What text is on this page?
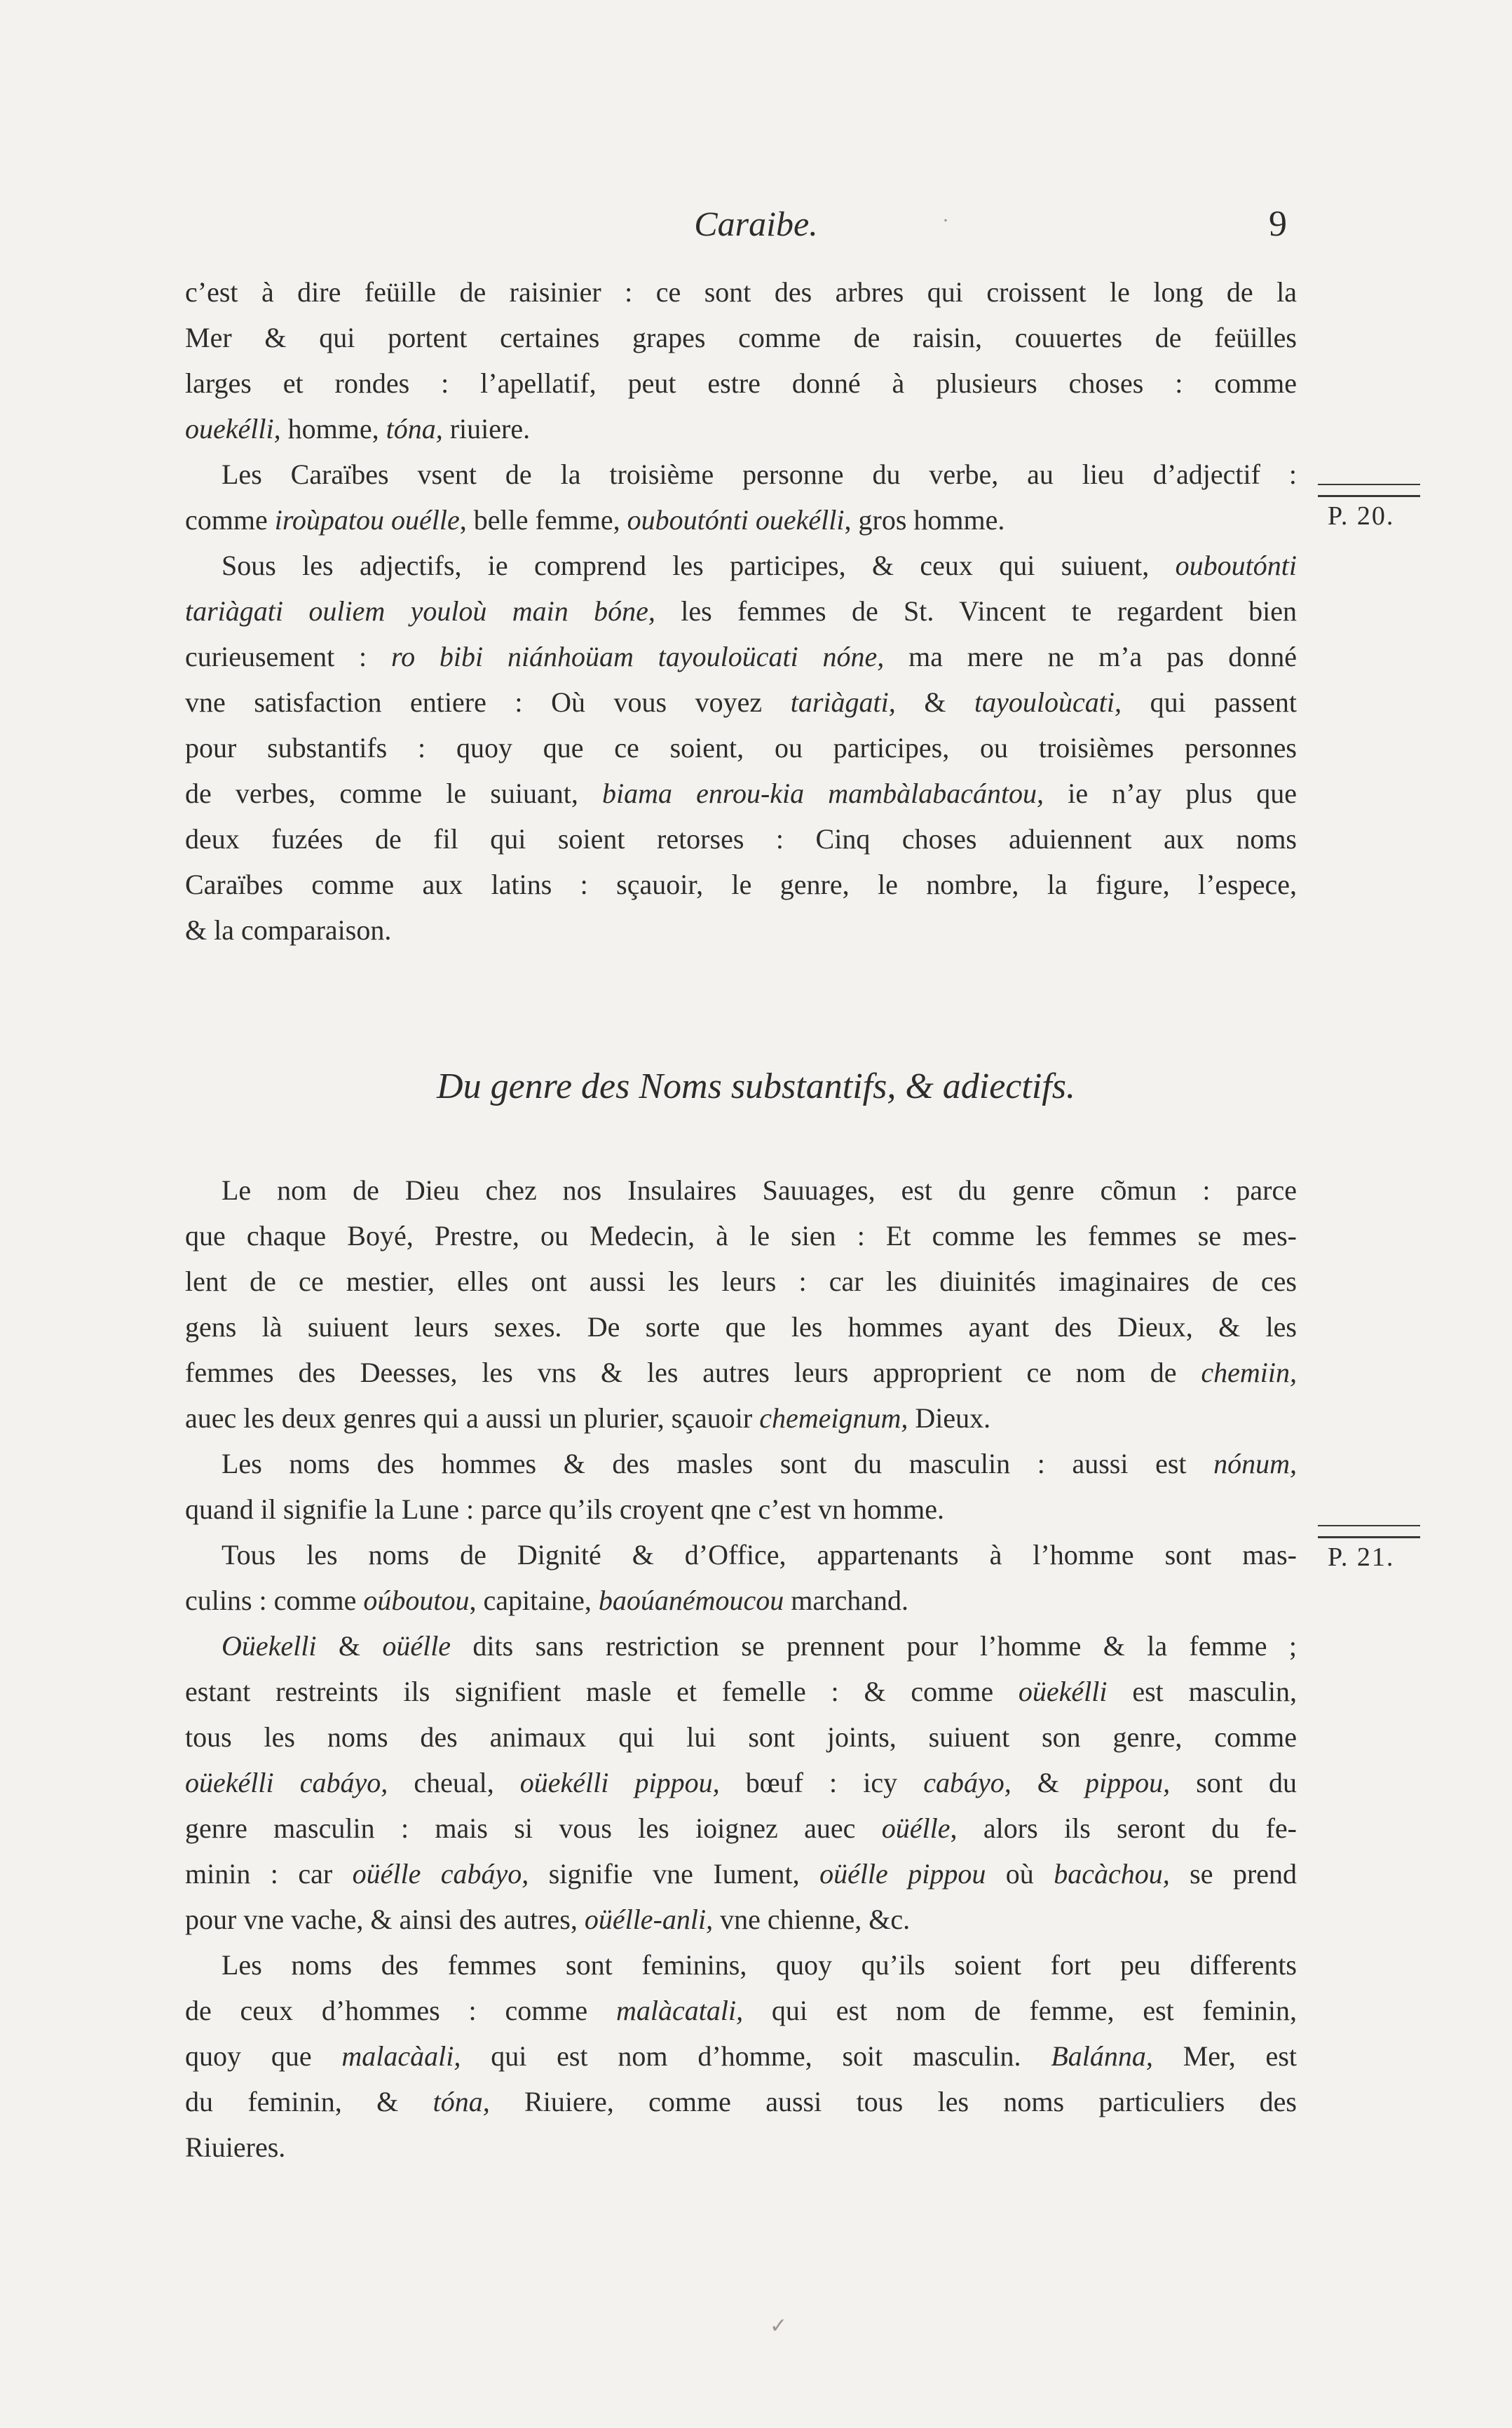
Caraibe.	9
c’est à dire feüille de raisinier : ce sont des arbres qui croissent le long de la
Mer & qui portent certaines grapes comme de raisin, couuertes de feüilles
larges et rondes : l’apellatif, peut estre donné à plusieurs choses : comme
ouekélli, homme, tóna, riuiere.
Les Caraïbes vsent de la troisième personne du verbe, au lieu d’adjectif :
comme iroùpatou ouélle, belle femme, ouboutónti ouekélli, gros homme.
Sous les adjectifs, ie comprend les participes, & ceux qui suiuent, ouboutónti
tariàgati ouliem youloù main bóne, les femmes de St. Vincent te regardent bien
curieusement : ro bibi niánhoüam tayouloücati nóne, ma mere ne m’a pas donné
vne satisfaction entiere : Où vous voyez tariàgati, & tayouloùcati, qui passent
pour substantifs : quoy que ce soient, ou participes, ou troisièmes personnes
de verbes, comme le suiuant, biama enrou-kia mambàlabacántou, ie n’ay plus que
deux fuzées de fil qui soient retorses : Cinq choses aduiennent aux noms
Caraïbes comme aux latins : sçauoir, le genre, le nombre, la figure, l’espece,
& la comparaison.
Du genre des Noms substantifs, & adiectifs.
Le nom de Dieu chez nos Insulaires Sauuages, est du genre cõmun : parce
que chaque Boyé, Prestre, ou Medecin, à le sien : Et comme les femmes se mes-
lent de ce mestier, elles ont aussi les leurs : car les diuinités imaginaires de ces
gens là suiuent leurs sexes. De sorte que les hommes ayant des Dieux, & les
femmes des Deesses, les vns & les autres leurs approprient ce nom de chemiin,
auec les deux genres qui a aussi un plurier, sçauoir chemeignum, Dieux.
Les noms des hommes & des masles sont du masculin : aussi est nónum,
quand il signifie la Lune : parce qu’ils croyent qne c’est vn homme.
Tous les noms de Dignité & d’Office, appartenants à l’homme sont mas-
culins : comme oúboutou, capitaine, baoúanémoucou marchand.
Oüekelli & oüélle dits sans restriction se prennent pour l’homme & la femme ;
estant restreints ils signifient masle et femelle : & comme oüekélli est masculin,
tous les noms des animaux qui lui sont joints, suiuent son genre, comme
oüekélli cabáyo, cheual, oüekélli pippou, bœuf : icy cabáyo, & pippou, sont du
genre masculin : mais si vous les ioignez auec oüélle, alors ils seront du fe-
minin : car oüélle cabáyo, signifie vne Iument, oüélle pippou où bacàchou, se prend
pour vne vache, & ainsi des autres, oüélle-anli, vne chienne, &c.
Les noms des femmes sont feminins, quoy qu’ils soient fort peu differents
de ceux d’hommes : comme malàcatali, qui est nom de femme, est feminin,
quoy que malacàali, qui est nom d’homme, soit masculin. Balánna, Mer, est
du feminin, & tóna, Riuiere, comme aussi tous les noms particuliers des
Riuieres.
P. 20.
P. 21.
·
✓
